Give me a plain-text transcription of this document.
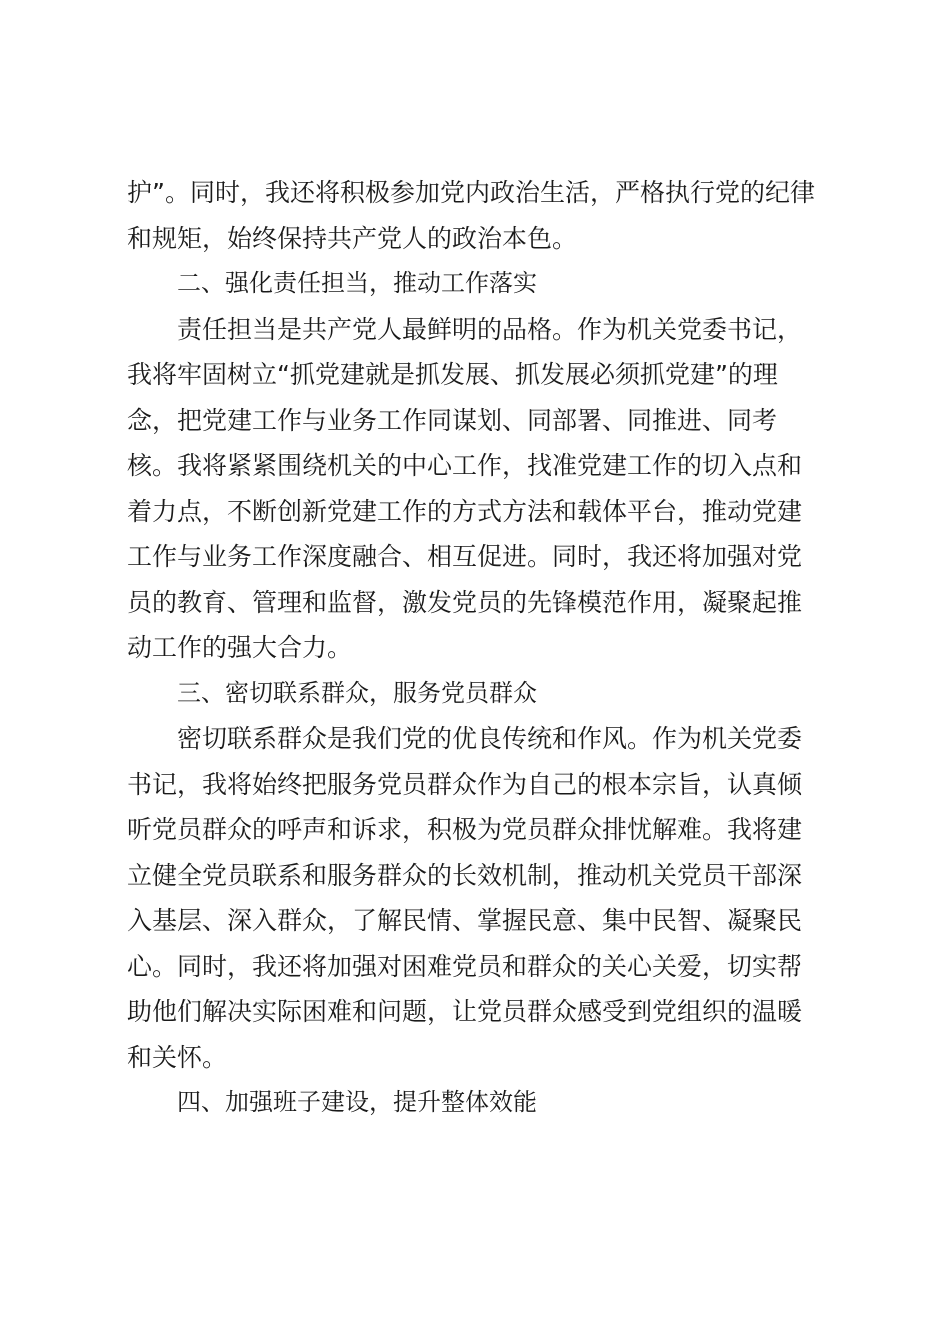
护”。同时，我还将积极参加党内政治生活，严格执行党的纪律
和规矩，始终保持共产党人的政治本色。
二、强化责任担当，推动工作落实
责任担当是共产党人最鲜明的品格。作为机关党委书记，
我将牢固树立“抓党建就是抓发展、抓发展必须抓党建”的理
念，把党建工作与业务工作同谋划、同部署、同推进、同考
核。我将紧紧围绕机关的中心工作，找准党建工作的切入点和
着力点，不断创新党建工作的方式方法和载体平台，推动党建
工作与业务工作深度融合、相互促进。同时，我还将加强对党
员的教育、管理和监督，激发党员的先锋模范作用，凝聚起推
动工作的强大合力。
三、密切联系群众，服务党员群众
密切联系群众是我们党的优良传统和作风。作为机关党委
书记，我将始终把服务党员群众作为自己的根本宗旨，认真倾
听党员群众的呼声和诉求，积极为党员群众排忧解难。我将建
立健全党员联系和服务群众的长效机制，推动机关党员干部深
入基层、深入群众，了解民情、掌握民意、集中民智、凝聚民
心。同时，我还将加强对困难党员和群众的关心关爱，切实帮
助他们解决实际困难和问题，让党员群众感受到党组织的温暖
和关怀。
四、加强班子建设，提升整体效能
